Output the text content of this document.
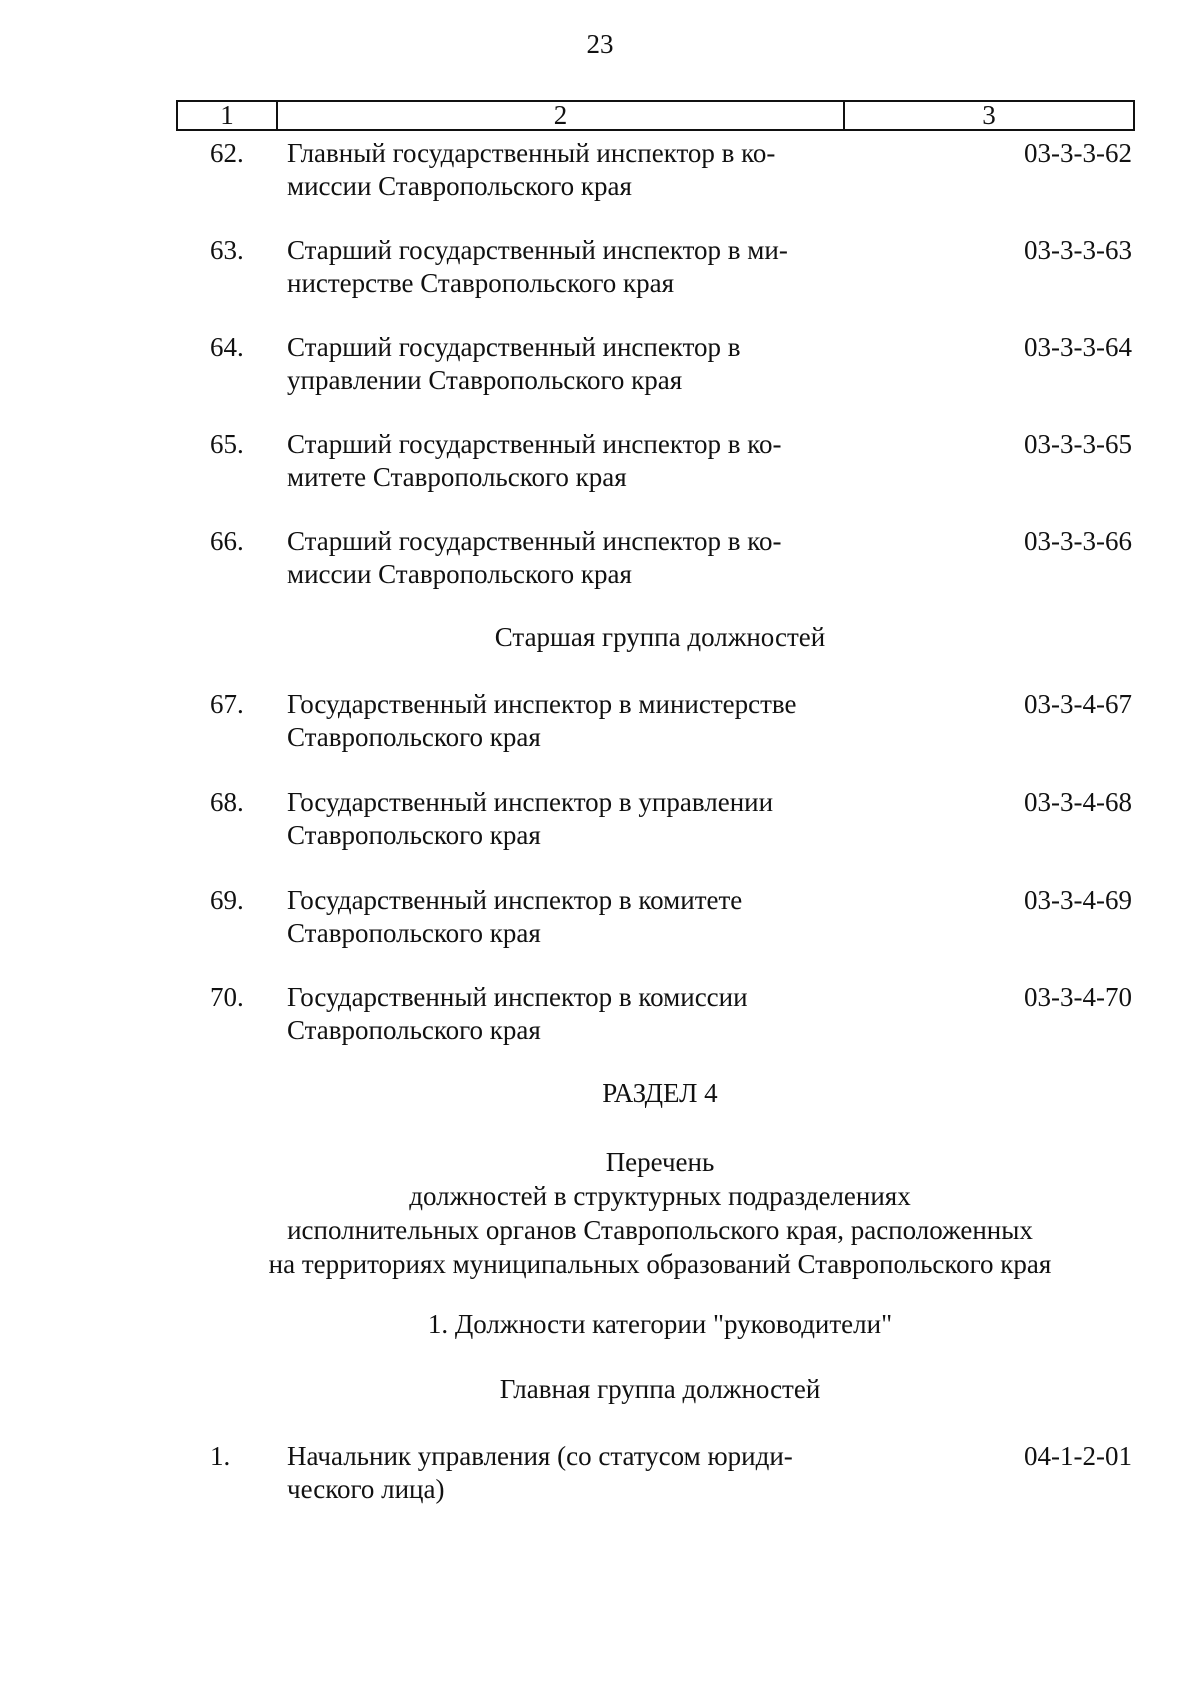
23
1	2	3
62.	Главный государственный инспектор в ко-
миссии Ставропольского края
03-3-3-62
63.	Старший государственный инспектор в ми-
нистерстве Ставропольского края
03-3-3-63
64.	Старший государственный инспектор в
управлении Ставропольского края
03-3-3-64
65.	Старший государственный инспектор в ко-
митете Ставропольского края
03-3-3-65
66.	Старший государственный инспектор в ко-
миссии Ставропольского края
03-3-3-66
Старшая группа должностей
67.	Государственный инспектор в министерстве
Ставропольского края
03-3-4-67
68.	Государственный инспектор в управлении
Ставропольского края
03-3-4-68
69.	Государственный инспектор в комитете
Ставропольского края
03-3-4-69
70.	Государственный инспектор в комиссии
Ставропольского края
03-3-4-70
РАЗДЕЛ 4
Перечень
должностей в структурных подразделениях
исполнительных органов Ставропольского края, расположенных
на территориях муниципальных образований Ставропольского края
1. Должности категории "руководители"
Главная группа должностей
1.	Начальник управления (со статусом юриди-
ческого лица)
04-1-2-01
